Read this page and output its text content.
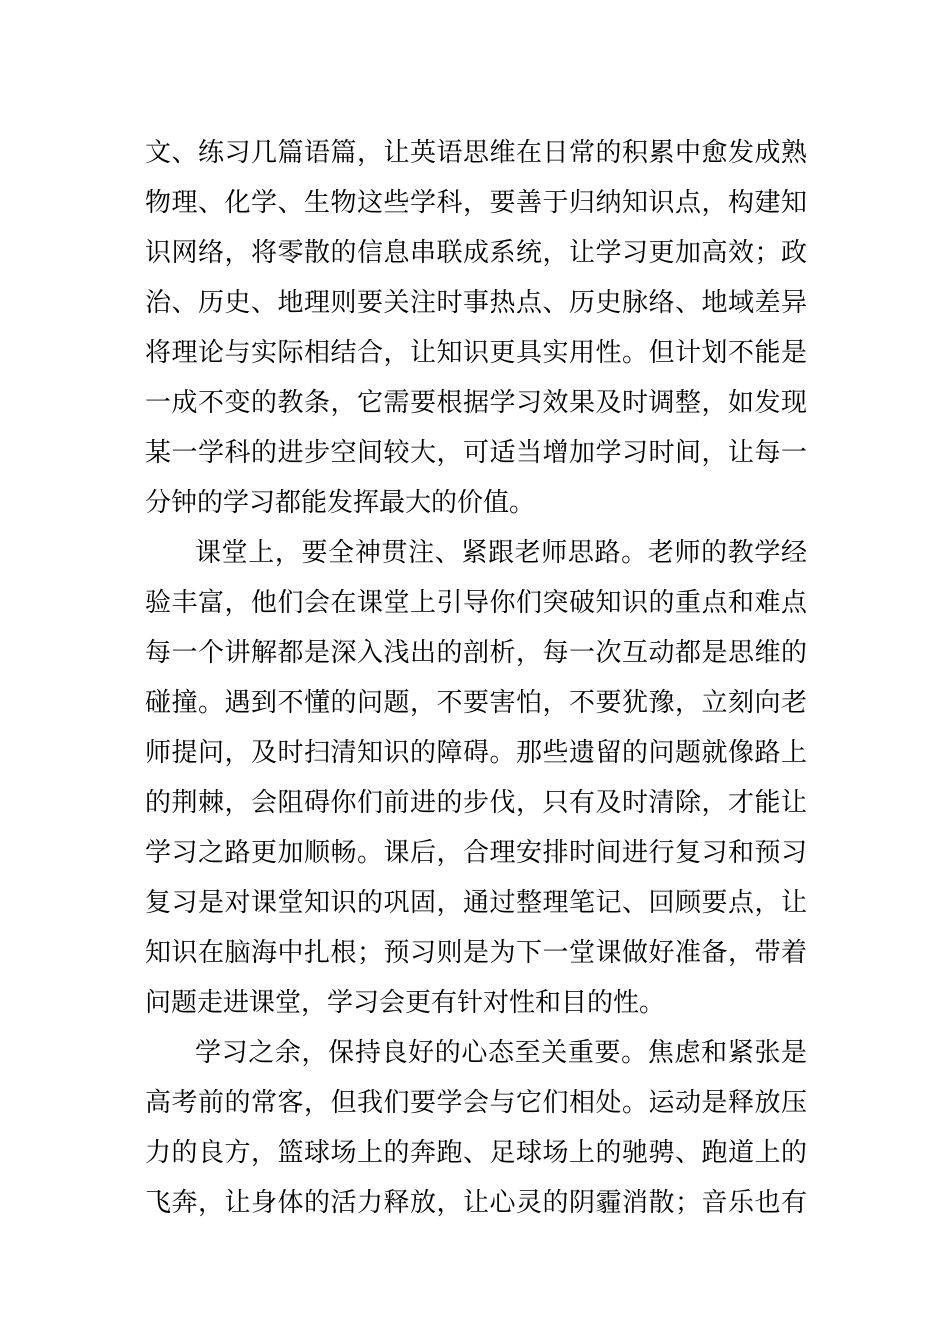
文、练习几篇语篇，让英语思维在日常的积累中愈发成熟
物理、化学、生物这些学科，要善于归纳知识点，构建知
识网络，将零散的信息串联成系统，让学习更加高效；政
治、历史、地理则要关注时事热点、历史脉络、地域差异
将理论与实际相结合，让知识更具实用性。但计划不能是
一成不变的教条，它需要根据学习效果及时调整，如发现
某一学科的进步空间较大，可适当增加学习时间，让每一
分钟的学习都能发挥最大的价值。
课堂上，要全神贯注、紧跟老师思路。老师的教学经
验丰富，他们会在课堂上引导你们突破知识的重点和难点
每一个讲解都是深入浅出的剖析，每一次互动都是思维的
碰撞。遇到不懂的问题，不要害怕，不要犹豫，立刻向老
师提问，及时扫清知识的障碍。那些遗留的问题就像路上
的荆棘，会阻碍你们前进的步伐，只有及时清除，才能让
学习之路更加顺畅。课后，合理安排时间进行复习和预习
复习是对课堂知识的巩固，通过整理笔记、回顾要点，让
知识在脑海中扎根；预习则是为下一堂课做好准备，带着
问题走进课堂，学习会更有针对性和目的性。
学习之余，保持良好的心态至关重要。焦虑和紧张是
高考前的常客，但我们要学会与它们相处。运动是释放压
力的良方，篮球场上的奔跑、足球场上的驰骋、跑道上的
飞奔，让身体的活力释放，让心灵的阴霾消散；音乐也有
